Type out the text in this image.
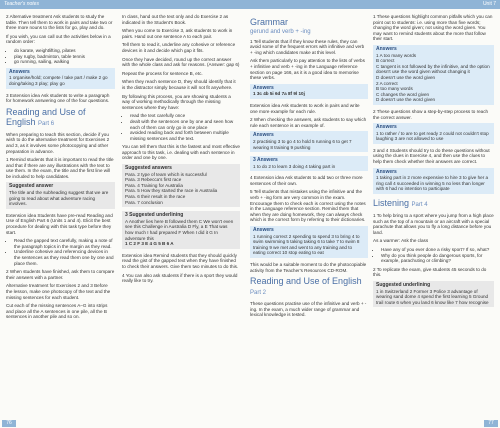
Teacher's notes	Unit 7

2 Alternative treatment Ask students to study the table. Then tell them to work in pairs and take two or three more nouns to the lists for go, play and do.

If you wish, you can call out the activities below in a random order:

• do karate, weightlifting, pilates
• play rugby, badminton, table tennis
• go running, sailing, walking
Answers
1 organise/hold; compete / take part / make 2 go doing/taking 3 play; play go

3 Extension idea Ask students to write a paragraph for homework answering one of the four questions.

Reading and Use of English Part 6

When preparing to teach this section, decide if you wish to do the alternative treatment for Exercises 2 and 3, as it involves some photocopying and other preparation in advance.

1 Remind students that it is important to read the title and that if there are any illustrations with the text to use them. In the exam, the title and the first line will be included to help candidates.

Suggested answer
The title and the subheading suggest that we are going to read about what adventure racing involves.

Extension idea Students have pre-read Reading and Use of English Part 6 (Units 1 and 4). Elicit the best procedure for dealing with this task type before they start.

• Read the gapped text carefully, making a note of the paragraph topics in the margin as they read.
• Underline cohesive and referencing devices in the sentences as they read them one by one and place them.

2 When students have finished, ask them to compare their answers with a partner.

Alternative treatment for Exercises 2 and 3 Before the lesson, make one photocopy of the text and the missing sentences for each student.

Cut each of the missing sentences A–G into strips and place all the A sentences in one pile, all the B sentences in another pile and so on.

In class, hand out the text only and do Exercise 2 as indicated in the Student's Book.

When you come to Exercise 3, ask students to work in pairs. Hand out one sentence A to each pair.

Tell them to read it, underline any cohesive or reference devices in it and decide which gap it fits.

Once they have decided, round up the correct answer with the whole class and ask for reasons. (Answer: gap 6)

Repeat the process for sentence B, etc.

When they reach sentence D, they should identify that it is the distractor simply because it will not fit anywhere.

By following this process, you are showing students a way of working methodically through the missing sentences where they have:

• read the text carefully once
• dealt with the sentences one by one and seen how each of them can only go in one place
• avoided reading back and forth between multiple missing sentences and the text.

You can tell them that this is the fastest and most effective approach to this task, i.e. dealing with each sentence in order and one by one.

Suggested answers
Para. 2 type of team which is successful
Para. 3 Rebecca's first race
Para. 4 Training for Australia
Para. 5 How they started the race in Australia
Para. 6 their result in the race
Para. 7 conclusion
3 Suggested underlining
A Another lies here B followed them C We won't even see this Challenge in Australia D Fly, a E That was how much I had prepared F When I did it G In adventure this
1 C 2 F 3 E 4 G 5 B 6 A

Extension idea Remind students that they should quickly read the gist of the gapped text when they have finished to check their answers. Give them two minutes to do this.

4 You can also ask students if there is a sport they would really like to try.

Grammar
gerund and verb + -ing

1 Tell students that if they know these rules, they can avoid some of the frequent errors with infinitive and verb + -ing which candidates make at this level.

Ask them particularly to pay attention to the lists of verbs + infinitive and verb + -ing in the Language reference section on page 166, as it is a good idea to memorise these verbs.

Answers
1 3c 4b 5i 6d 7a 8f 9l 10j

Extension idea Ask students to work in pairs and write one more example for each rule.

2 When checking the answers, ask students to say which rule each sentence is an example of.

Answers
2 practising 3 to go 4 to hold 5 running 6 to get 7 wearing 8 training 9 pushing
3 Answers
1 to do 2 to learn 3 doing 4 taking part in

4 Extension idea Ask students to add two or three more sentences of their own.

5 Tell students that mistakes using the infinitive and the verb + -ing form are very common in the exam. Encourage them to check each is correct using the notes in the Language reference section. Remind them that when they are doing homework, they can always check which is the correct form by referring to their dictionaries.

Answers
1 running correct 2 spending to spend 3 to bring 4 to swim swimming 5 taking taking 6 to take 7 to swim 8 training 9 we met and went to any training and to eating correct 10 stop eating to eat

This would be a suitable moment to do the photocopiable activity from the Teacher's Resources CD-ROM.

Reading and Use of English Part 2

These questions practise use of the infinitive and verb + -ing. In the exam, a much wider range of grammar and lexical knowledge is tested.

1 These questions highlight common pitfalls which you can point out to students: i.e. using more than five words; changing the word given; not using the word given. You may want to remind students about the more that follow their start.

Answers
1 A too many words
B correct
C tangent is not followed by the infinitive, and the option doesn't use the word given without changing it
D doesn't use the word given
2 A correct
B too many words
C changes the word given
D doesn't use the word given

2 These questions show a step-by-step process to reach the correct answer.

Answers
1 to rather / to are to get ready 2 could not couldn't stop laughing 3 are not allowed to use

3 and 4 Students should try to do these questions without using the clues in Exercise 4, and then use the clues to help them check whether their answers are correct.

Answers
1 taking part in 2 more expensive to hire 3 to give her a ring call 4 succeeded in winning 5 no less than longer with 6 had no intention to participate
Listening Part 4

1 To help bring to a sport where you jump from a high place such as the top of a mountain or an aircraft with a special parachute that allows you to fly a long distance before you land.

As a warmer: Ask the class

• Have any of you ever done a risky sport? If so, what?
• Why do you think people do dangerous sports, for example, parachuting or climbing?

2 To replicate the exam, give students 45 seconds to do this.

Suggested underlining
1 in Switzerland 2 Former 3 Police 3 advantage of wearing sand dome 4 spend the first learning 5 Ground trail route 6 when you land 6 know like 7 how recognise
76	77
